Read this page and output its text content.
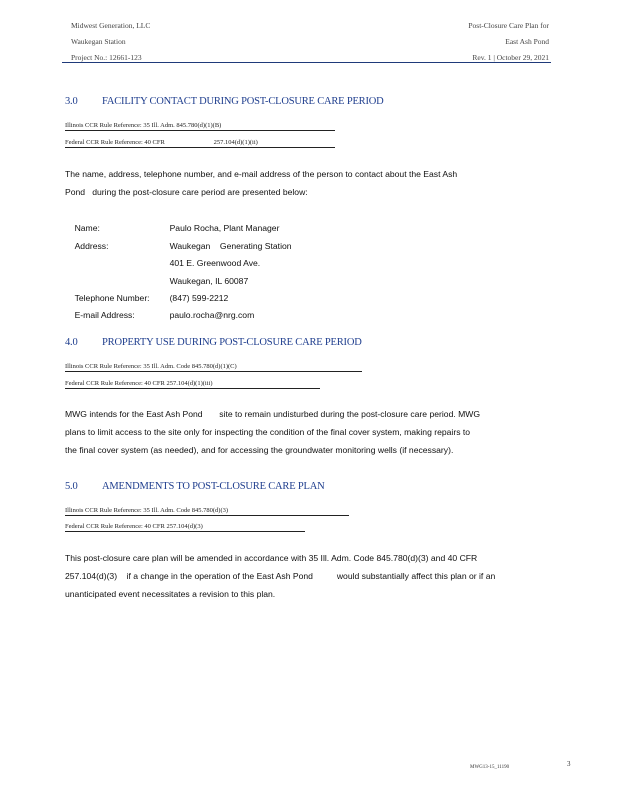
Midwest Generation, LLC
Waukegan Station
Project No.: 12661-123
Post-Closure Care Plan for
East Ash Pond
Rev. 1 | October 29, 2021
3.0 FACILITY CONTACT DURING POST-CLOSURE CARE PERIOD
Illinois CCR Rule Reference: 35 Ill. Adm. 845.780(d)(1)(B)
Federal CCR Rule Reference: 40 CFR                              257.104(d)(1)(ii)
The name, address, telephone number, and e-mail address of the person to contact about the East Ash
Pond   during the post-closure care period are presented below:

Name:	Paulo Rocha, Plant Manager

Address:	Waukegan    Generating Station

401 E. Greenwood Ave.

Waukegan, IL 60087

Telephone Number: (847) 599-2212

E-mail Address:	paulo.rocha@nrg.com

4.0 PROPERTY USE DURING POST-CLOSURE CARE PERIOD
Illinois CCR Rule Reference: 35 Ill. Adm. Code 845.780(d)(1)(C)
Federal CCR Rule Reference: 40 CFR 257.104(d)(1)(iii)
MWG intends for the East Ash Pond       site to remain undisturbed during the post-closure care period. MWG
plans to limit access to the site only for inspecting the condition of the final cover system, making repairs to
the final cover system (as needed), and for accessing the groundwater monitoring wells (if necessary).
5.0 AMENDMENTS TO POST-CLOSURE CARE PLAN
Illinois CCR Rule Reference: 35 Ill. Adm. Code 845.780(d)(3)
Federal CCR Rule Reference: 40 CFR 257.104(d)(3)
This post-closure care plan will be amended in accordance with 35 Ill. Adm. Code 845.780(d)(3) and 40 CFR
257.104(d)(3)    if a change in the operation of the East Ash Pond          would substantially affect this plan or if an
unanticipated event necessitates a revision to this plan.
MWG13-15_11190	3
